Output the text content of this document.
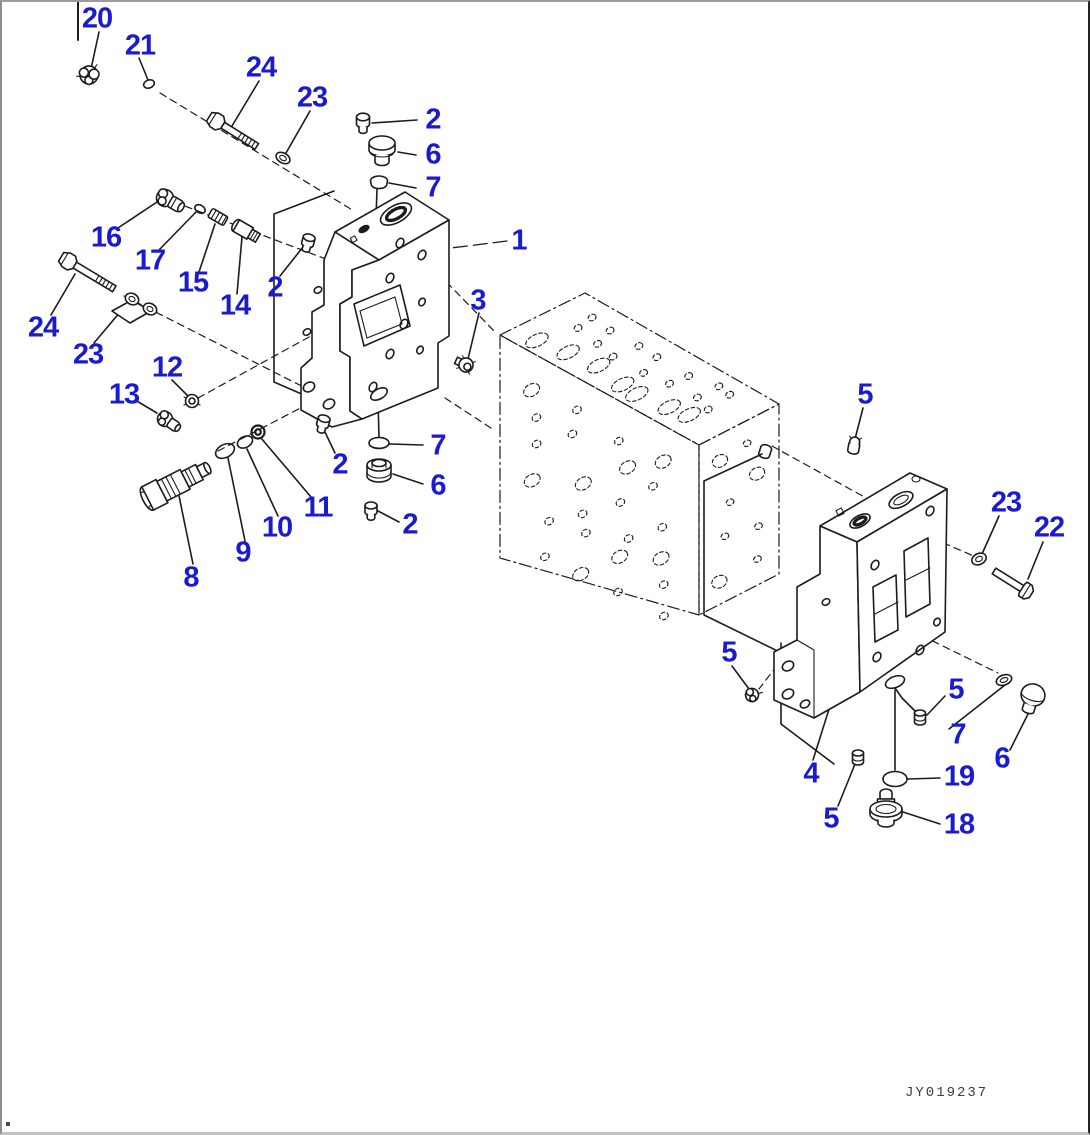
20
21
24
23
2
6
7
16
17
15
14
2
1
3
24
23 12
13
2
7
6
11
10	2
9
8
5
23
22
5
5
7
6
4	19
5	18
JY019237
